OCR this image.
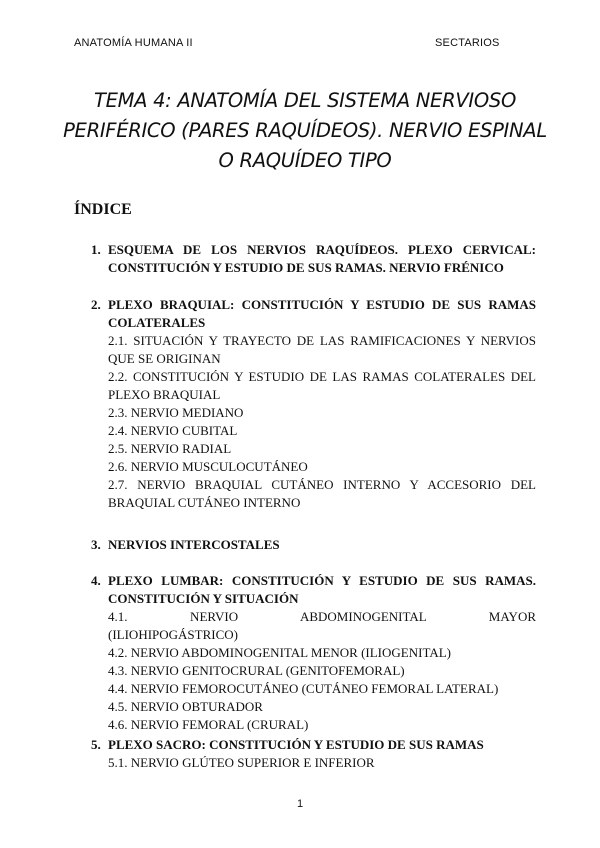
ANATOMÍA HUMANA II	SECTARIOS
TEMA 4: ANATOMÍA DEL SISTEMA NERVIOSO
PERIFÉRICO (PARES RAQUÍDEOS). NERVIO ESPINAL
O RAQUÍDEO TIPO
ÍNDICE
1. ESQUEMA DE LOS NERVIOS RAQUÍDEOS. PLEXO CERVICAL: CONSTITUCIÓN Y ESTUDIO DE SUS RAMAS. NERVIO FRÉNICO
2. PLEXO BRAQUIAL: CONSTITUCIÓN Y ESTUDIO DE SUS RAMAS COLATERALES
2.1. SITUACIÓN Y TRAYECTO DE LAS RAMIFICACIONES Y NERVIOS QUE SE ORIGINAN
2.2. CONSTITUCIÓN Y ESTUDIO DE LAS RAMAS COLATERALES DEL PLEXO BRAQUIAL
2.3. NERVIO MEDIANO
2.4. NERVIO CUBITAL
2.5. NERVIO RADIAL
2.6. NERVIO MUSCULOCUTÁNEO
2.7. NERVIO BRAQUIAL CUTÁNEO INTERNO Y ACCESORIO DEL BRAQUIAL CUTÁNEO INTERNO
3. NERVIOS INTERCOSTALES
4. PLEXO LUMBAR: CONSTITUCIÓN Y ESTUDIO DE SUS RAMAS. CONSTITUCIÓN Y SITUACIÓN
4.1. NERVIO ABDOMINOGENITAL MAYOR
(ILIOHIPOGÁSTRICO)
4.2. NERVIO ABDOMINOGENITAL MENOR (ILIOGENITAL)
4.3. NERVIO GENITOCRURAL (GENITOFEMORAL)
4.4. NERVIO FEMOROCUTÁNEO (CUTÁNEO FEMORAL LATERAL)
4.5. NERVIO OBTURADOR
4.6. NERVIO FEMORAL (CRURAL)
5. PLEXO SACRO: CONSTITUCIÓN Y ESTUDIO DE SUS RAMAS
5.1. NERVIO GLÚTEO SUPERIOR E INFERIOR
1
